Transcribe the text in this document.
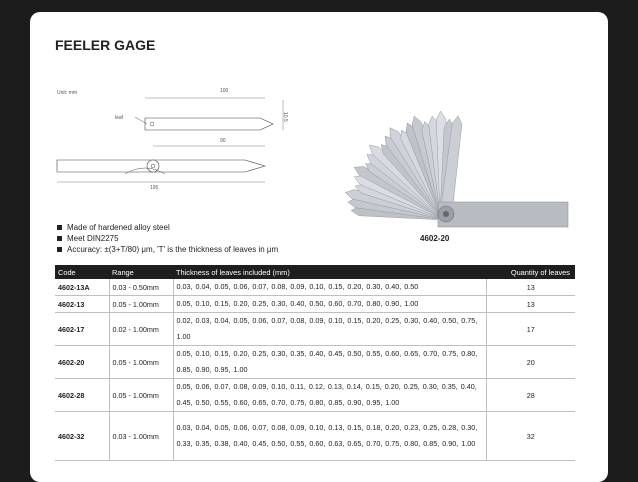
FEELER GAGE
Unit: mm
leaf
100
10.5
90
195
4602-20
Made of hardened alloy steel
Meet DIN2275
Accuracy: ±(3+T/80) μm, 'T' is the thickness of leaves in μm
Code	Range	Thickness of leaves included (mm)	Quantity of leaves
4602-13A	0.03 - 0.50mm	0.03, 0.04, 0.05, 0.06, 0.07, 0.08, 0.09, 0.10, 0.15, 0.20, 0.30, 0.40, 0.50	13
4602-13	0.05 - 1.00mm	0.05, 0.10, 0.15, 0.20, 0.25, 0.30, 0.40, 0.50, 0.60, 0.70, 0.80, 0.90, 1.00	13
4602-17	0.02 - 1.00mm	0.02, 0.03, 0.04, 0.05, 0.06, 0.07, 0.08, 0.09, 0.10, 0.15, 0.20, 0.25, 0.30, 0.40, 0.50, 0.75, 1.00	17
4602-20	0.05 - 1.00mm	0.05, 0.10, 0.15, 0.20, 0.25, 0.30, 0.35, 0.40, 0.45, 0.50, 0.55, 0.60, 0.65, 0.70, 0.75, 0.80, 0.85, 0.90, 0.95, 1.00	20
4602-28	0.05 - 1.00mm	0.05, 0.06, 0.07, 0.08, 0.09, 0.10, 0.11, 0.12, 0.13, 0.14, 0.15, 0.20, 0.25, 0.30, 0.35, 0.40, 0.45, 0.50, 0.55, 0.60, 0.65, 0.70, 0.75, 0.80, 0.85, 0.90, 0.95, 1.00	28
4602-32	0.03 - 1.00mm	0.03, 0.04, 0.05, 0.06, 0.07, 0.08, 0.09, 0.10, 0.13, 0.15, 0.18, 0.20, 0.23, 0.25, 0.28, 0.30, 0.33, 0.35, 0.38, 0.40, 0.45, 0.50, 0.55, 0.60, 0.63, 0.65, 0.70, 0.75, 0.80, 0.85, 0.90, 1.00	32
